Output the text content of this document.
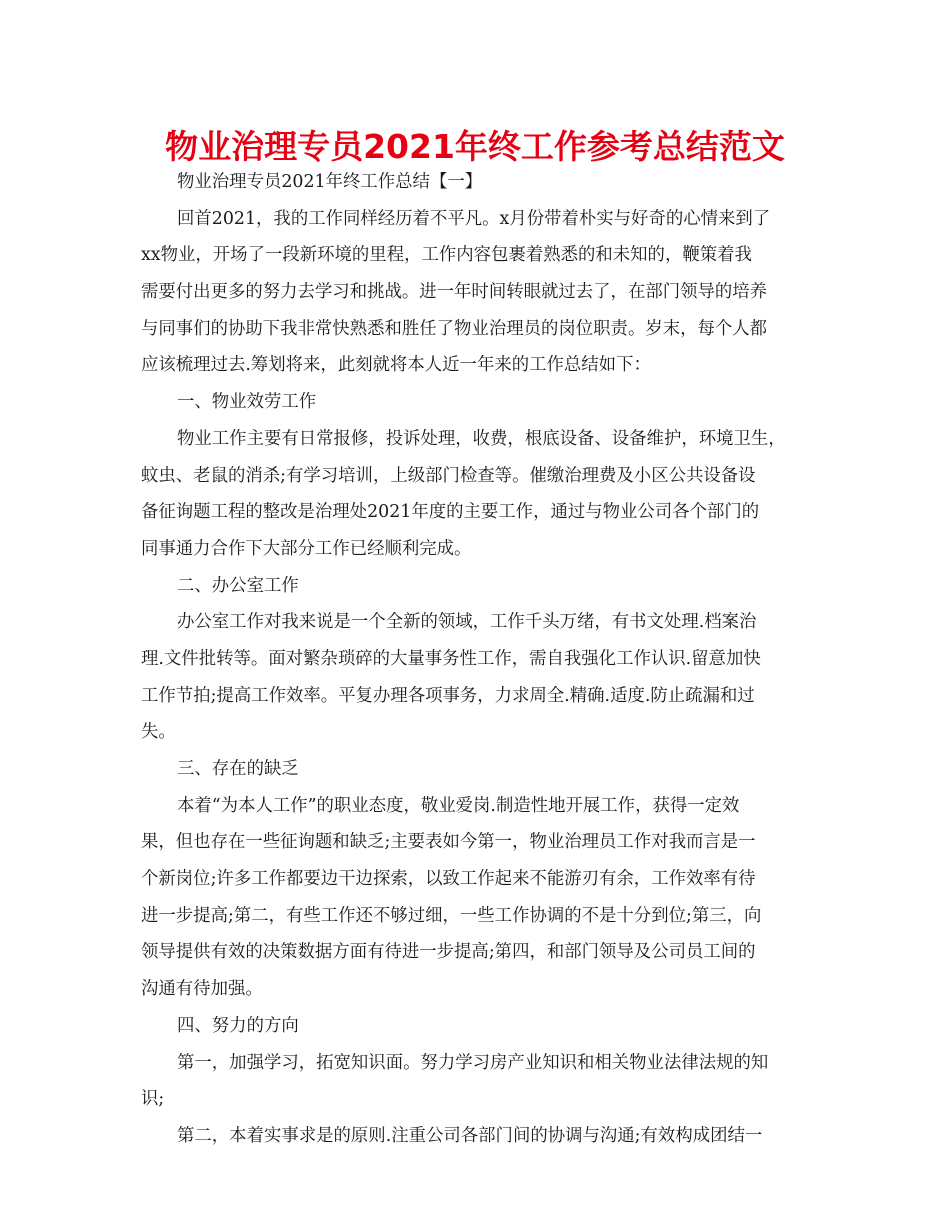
物业治理专员2021年终工作参考总结范文
物业治理专员2021年终工作总结【一】
回首2021，我的工作同样经历着不平凡。x月份带着朴实与好奇的心情来到了
xx物业，开场了一段新环境的里程，工作内容包裹着熟悉的和未知的，鞭策着我
需要付出更多的努力去学习和挑战。进一年时间转眼就过去了，在部门领导的培养
与同事们的协助下我非常快熟悉和胜任了物业治理员的岗位职责。岁末，每个人都
应该梳理过去.筹划将来，此刻就将本人近一年来的工作总结如下：
一、物业效劳工作
物业工作主要有日常报修，投诉处理，收费，根底设备、设备维护，环境卫生，
蚊虫、老鼠的消杀;有学习培训，上级部门检查等。催缴治理费及小区公共设备设
备征询题工程的整改是治理处2021年度的主要工作，通过与物业公司各个部门的
同事通力合作下大部分工作已经顺利完成。
二、办公室工作
办公室工作对我来说是一个全新的领域，工作千头万绪，有书文处理.档案治
理.文件批转等。面对繁杂琐碎的大量事务性工作，需自我强化工作认识.留意加快
工作节拍;提高工作效率。平复办理各项事务，力求周全.精确.适度.防止疏漏和过
失。
三、存在的缺乏
本着“为本人工作”的职业态度，敬业爱岗.制造性地开展工作，获得一定效
果，但也存在一些征询题和缺乏;主要表如今第一，物业治理员工作对我而言是一
个新岗位;许多工作都要边干边探索，以致工作起来不能游刃有余，工作效率有待
进一步提高;第二，有些工作还不够过细，一些工作协调的不是十分到位;第三，向
领导提供有效的决策数据方面有待进一步提高;第四，和部门领导及公司员工间的
沟通有待加强。
四、努力的方向
第一，加强学习，拓宽知识面。努力学习房产业知识和相关物业法律法规的知
识;
第二，本着实事求是的原则.注重公司各部门间的协调与沟通;有效构成团结一
